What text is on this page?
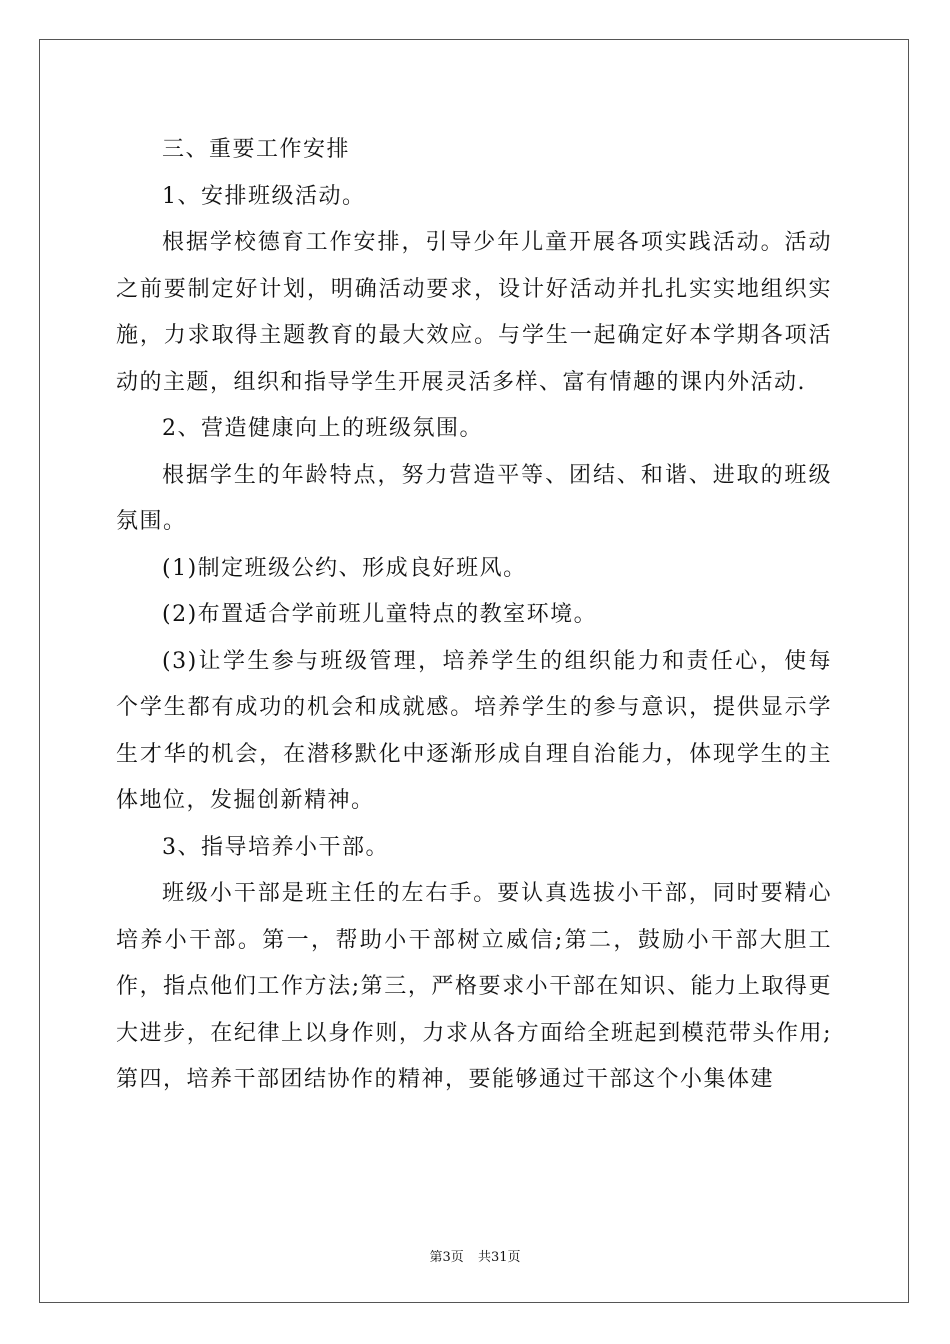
三、重要工作安排

1、安排班级活动。

根据学校德育工作安排，引导少年儿童开展各项实践活动。活动之前要制定好计划，明确活动要求，设计好活动并扎扎实实地组织实施，力求取得主题教育的最大效应。与学生一起确定好本学期各项活动的主题，组织和指导学生开展灵活多样、富有情趣的课内外活动.

2、营造健康向上的班级氛围。

根据学生的年龄特点，努力营造平等、团结、和谐、进取的班级氛围。

(1)制定班级公约、形成良好班风。

(2)布置适合学前班儿童特点的教室环境。

(3)让学生参与班级管理，培养学生的组织能力和责任心，使每个学生都有成功的机会和成就感。培养学生的参与意识，提供显示学生才华的机会，在潜移默化中逐渐形成自理自治能力，体现学生的主体地位，发掘创新精神。

3、指导培养小干部。

班级小干部是班主任的左右手。要认真选拔小干部，同时要精心培养小干部。第一，帮助小干部树立威信;第二，鼓励小干部大胆工作，指点他们工作方法;第三，严格要求小干部在知识、能力上取得更大进步，在纪律上以身作则，力求从各方面给全班起到模范带头作用;第四，培养干部团结协作的精神，要能够通过干部这个小集体建

第3页 共31页
